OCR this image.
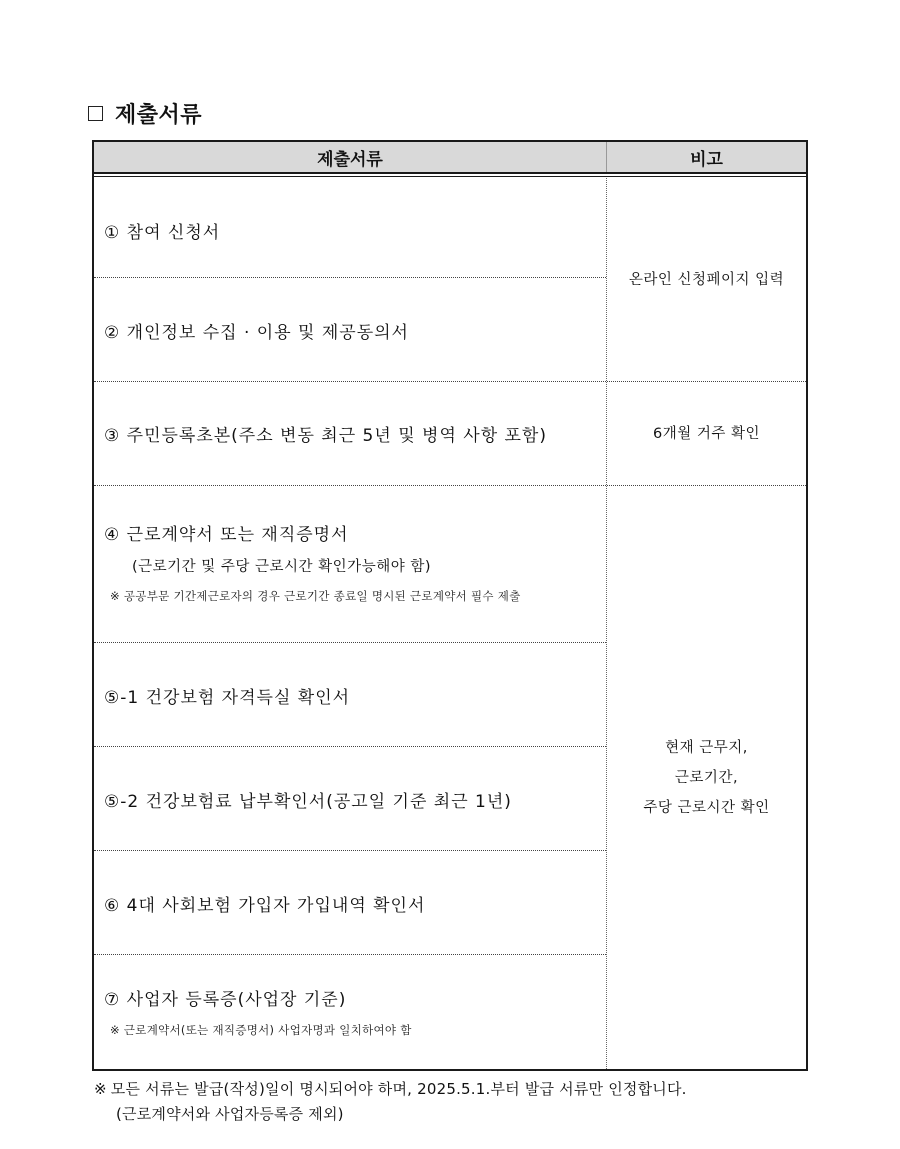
제출서류
제출서류	비고
① 참여 신청서
② 개인정보 수집 · 이용 및 제공동의서
온라인 신청페이지 입력
③ 주민등록초본(주소 변동 최근 5년 및 병역 사항 포함)	6개월 거주 확인
④ 근로계약서 또는 재직증명서
(근로기간 및 주당 근로시간 확인가능해야 함)
※ 공공부문 기간제근로자의 경우 근로기간 종료일 명시된 근로계약서 필수 제출
⑤-1 건강보험 자격득실 확인서
⑤-2 건강보험료 납부확인서(공고일 기준 최근 1년)
⑥ 4대 사회보험 가입자 가입내역 확인서
⑦ 사업자 등록증(사업장 기준)
※ 근로계약서(또는 재직증명서) 사업자명과 일치하여야 함
현재 근무지,
근로기간,
주당 근로시간 확인
※ 모든 서류는 발급(작성)일이 명시되어야 하며, 2025.5.1.부터 발급 서류만 인정합니다.
(근로계약서와 사업자등록증 제외)
